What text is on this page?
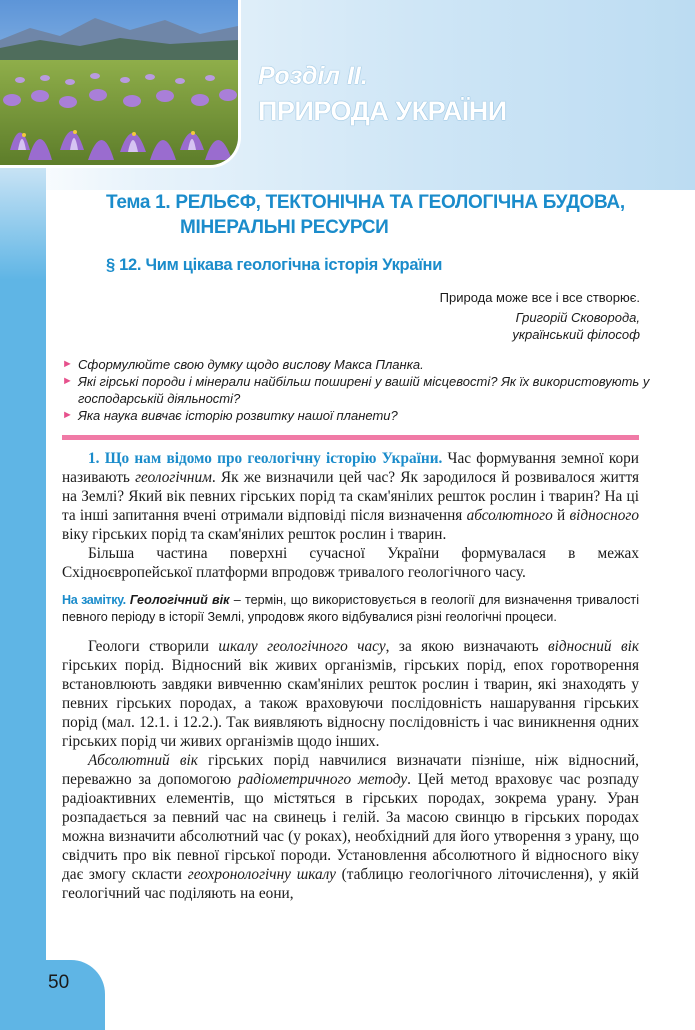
Розділ II.
ПРИРОДА УКРАЇНИ
Тема 1. РЕЛЬЄФ, ТЕКТОНІЧНА ТА ГЕОЛОГІЧНА БУДОВА,
МІНЕРАЛЬНІ РЕСУРСИ
§ 12. Чим цікава геологічна історія України
Природа може все і все створює.
Григорій Сковорода,
український філософ
► Сформулюйте свою думку щодо вислову Макса Планка.
► Які гірські породи і мінерали найбільш поширені у вашій місцевості? Як їх використовують у господарській діяльності?
► Яка наука вивчає історію розвитку нашої планети?

1. Що нам відомо про геологічну історію України. Час формування земної кори називають геологічним. Як же визначили цей час? Як зародилося й розвивалося життя на Землі? Який вік певних гірських порід та скам'янілих решток рослин і тварин? На ці та інші запитання вчені отримали відповіді після визначення абсолютного й відносного віку гірських порід та скам'янілих решток рослин і тварин.

Більша частина поверхні сучасної України формувалася в межах Східноєвропейської платформи впродовж тривалого геологічного часу.

На замітку. Геологічний вік – термін, що використовується в геології для визначення тривалості певного періоду в історії Землі, упродовж якого відбувалися різні геологічні процеси.

Геологи створили шкалу геологічного часу, за якою визначають відносний вік гірських порід. Відносний вік живих організмів, гірських порід, епох горотворення встановлюють завдяки вивченню скам'янілих решток рослин і тварин, які знаходять у певних гірських породах, а також враховуючи послідовність нашарування гірських порід (мал. 12.1. і 12.2.). Так виявляють відносну послідовність і час виникнення одних гірських порід чи живих організмів щодо інших.

Абсолютний вік гірських порід навчилися визначати пізніше, ніж відносний, переважно за допомогою радіометричного методу. Цей метод враховує час розпаду радіоактивних елементів, що містяться в гірських породах, зокрема урану. Уран розпадається за певний час на свинець і гелій. За масою свинцю в гірських породах можна визначити абсолютний час (у роках), необхідний для його утворення з урану, що свідчить про вік певної гірської породи. Установлення абсолютного й відносного віку дає змогу скласти геохронологічну шкалу (таблицю геологічного літочислення), у якій геологічний час поділяють на еони,

50
